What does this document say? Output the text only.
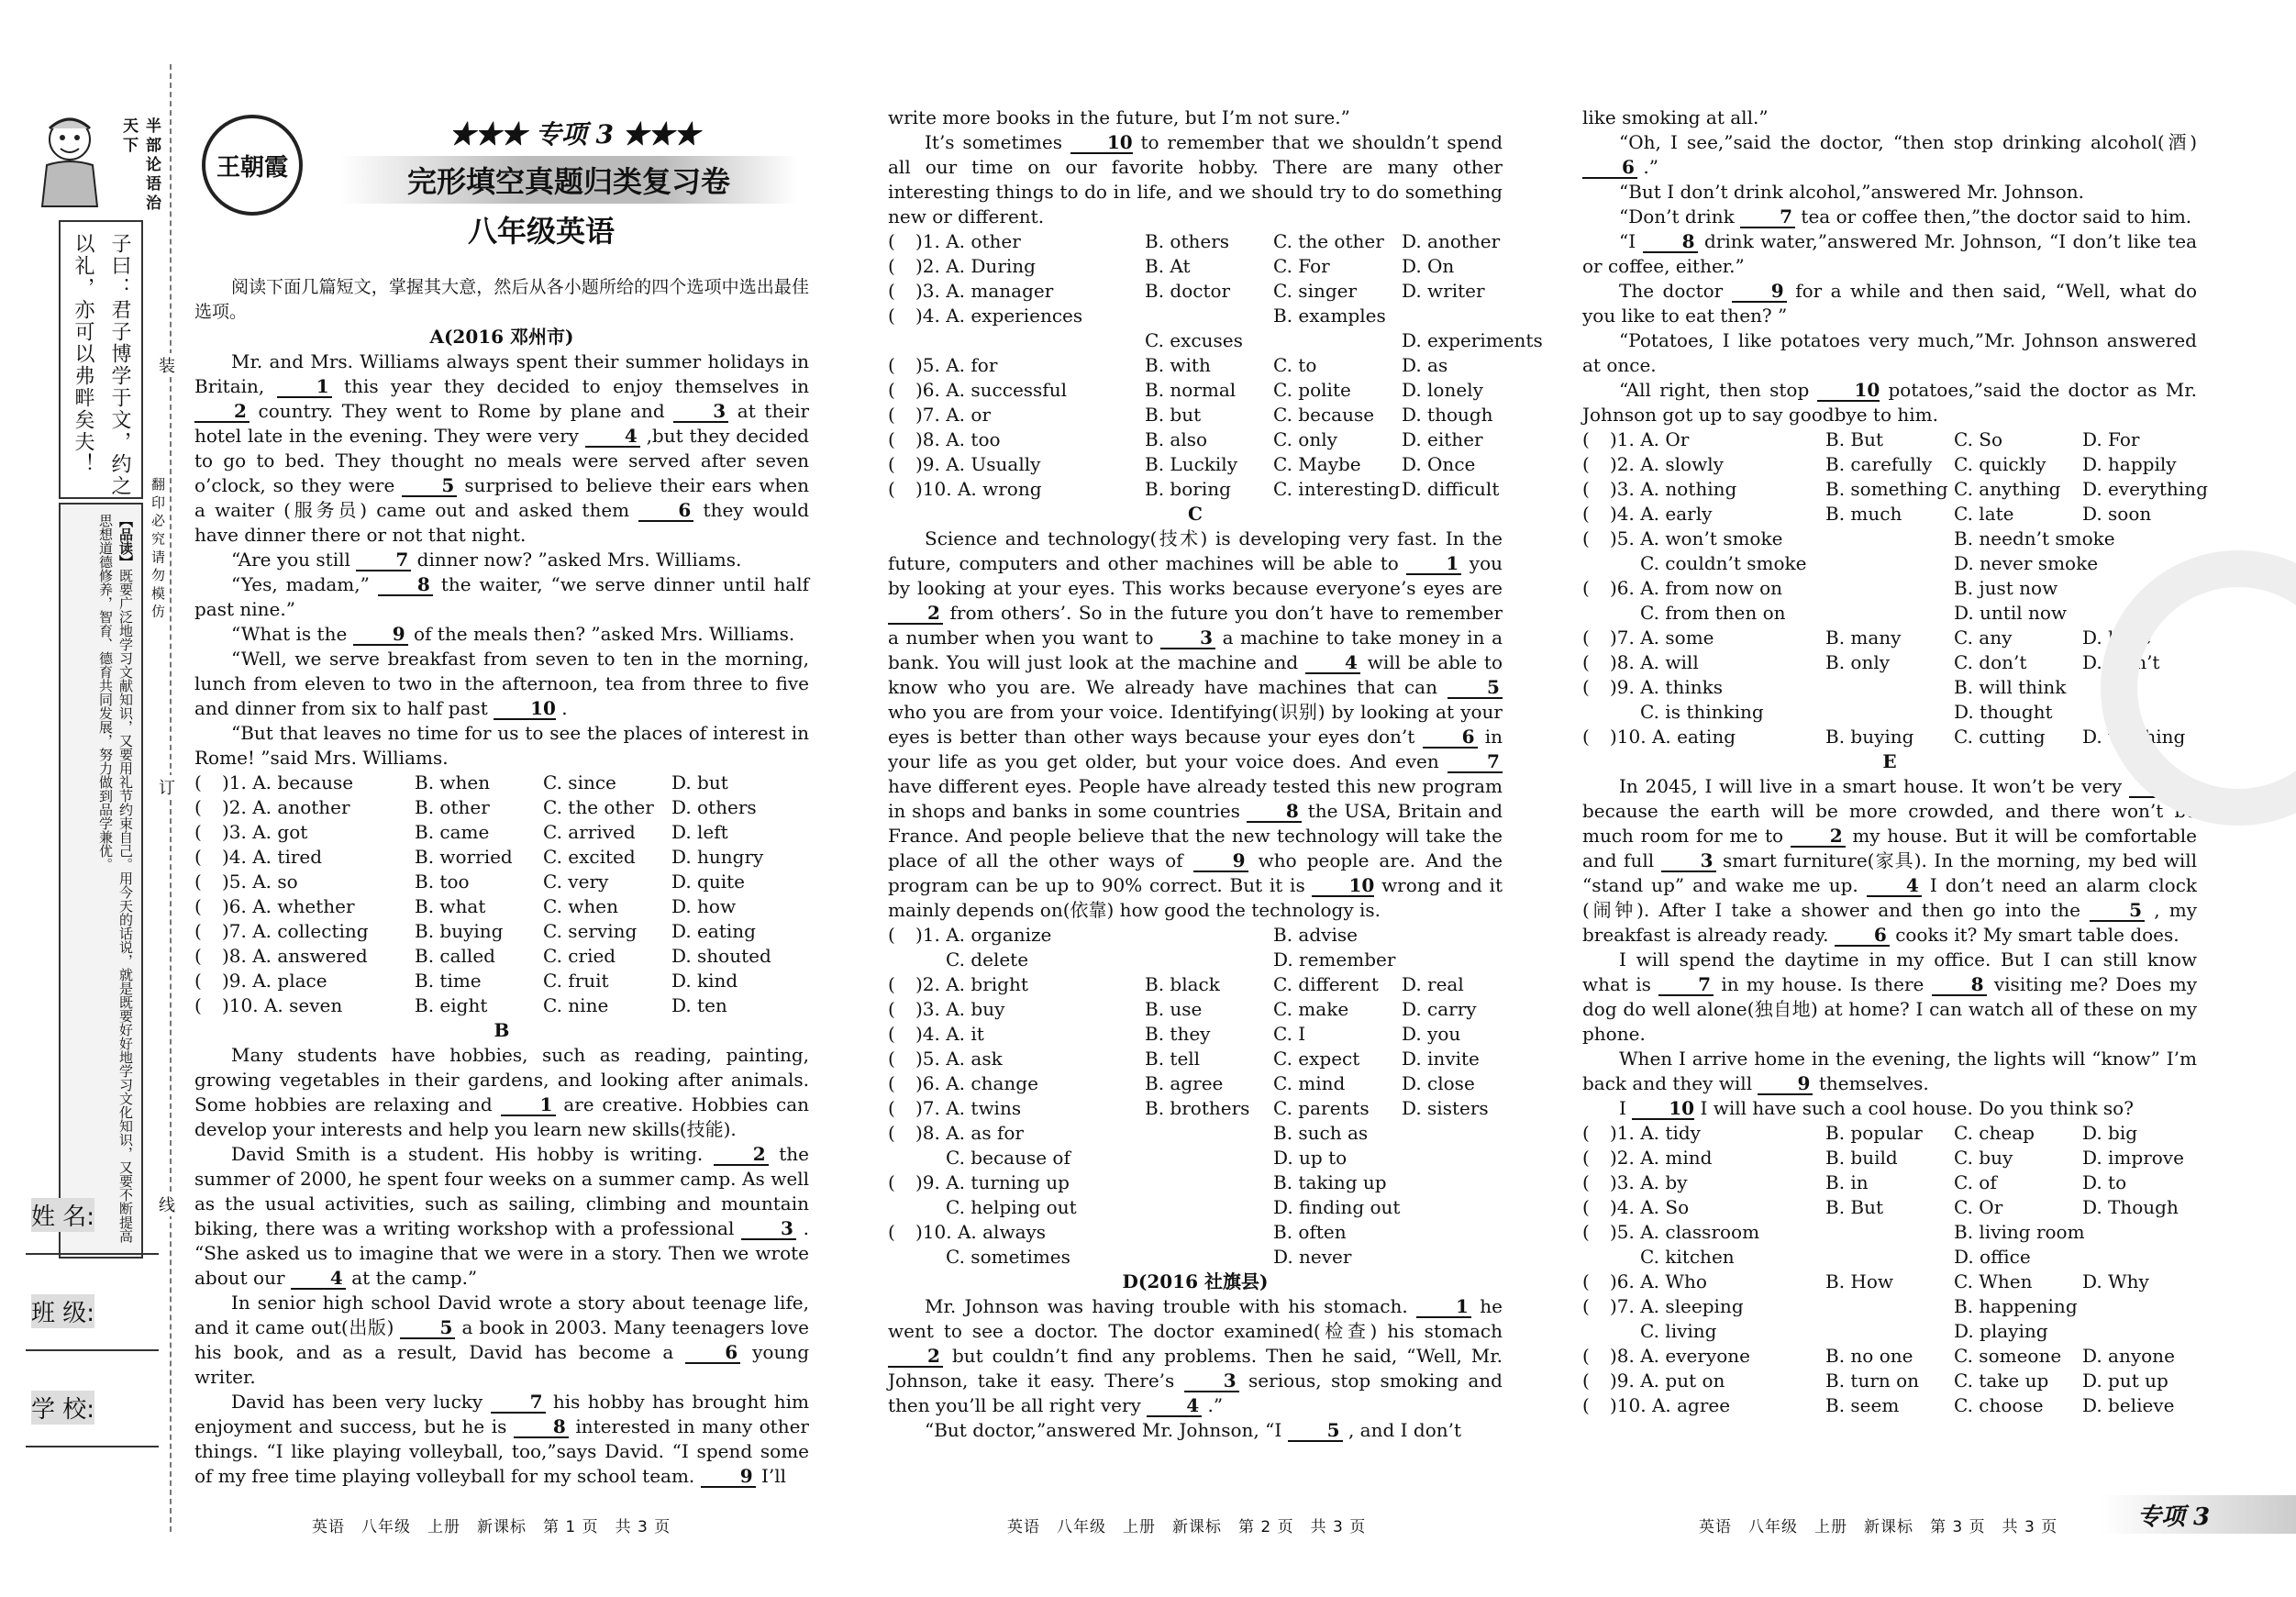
半部论语治天下
子曰：君子博学于文，约之
以礼，亦可以弗畔矣夫！
【品读】既要广泛地学习文献知识，又要用礼节约束自己。用今天的话说，就是既要好好地学习文化知识，又要不断提高思想道德修养，智育、德育共同发展，努力做到品学兼优。
姓 名:
班 级:
学 校:
装
订
线
翻 印 必 究 请 勿 模 仿
王朝霞
★★★ 专项 3 ★★★
完形填空真题归类复习卷
八年级英语

阅读下面几篇短文，掌握其大意，然后从各小题所给的四个选项中选出最佳选项。

A(2016 邓州市)

Mr. and Mrs. Williams always spent their summer holidays in Britain,	1 this year they decided to enjoy themselves in 2 country. They went to Rome by plane and	3 at their hotel late in the evening. They were very 4 ,but they decided to go to bed. They thought no meals were served after seven o’clock, so they were	5 surprised to believe their ears when a waiter (服务员) came out and asked them	6 they would have dinner there or not that night.

“Are you still 7 dinner now? ”asked Mrs. Williams.

“Yes, madam,”	8 the waiter, “we serve dinner until half past nine.”

“What is the 9 of the meals then? ”asked Mrs. Williams.

“Well, we serve breakfast from seven to ten in the morning, lunch from eleven to two in the afternoon, tea from three to five and dinner from six to half past 10 .

“But that leaves no time for us to see the places of interest in Rome! ”said Mrs. Williams.

(	)1. A. because	B. when	C. since	D. but
(	)2. A. another	B. other	C. the other D. others
(	)3. A. got	B. came	C. arrived	D. left
(	)4. A. tired	B. worried	C. excited	D. hungry
(	)5. A. so	B. too	C. very	D. quite
(	)6. A. whether	B. what	C. when	D. how
(	)7. A. collecting	B. buying	C. serving	D. eating
(	)8. A. answered	B. called	C. cried	D. shouted
(	)9. A. place	B. time	C. fruit	D. kind
(	)10. A. seven	B. eight	C. nine	D. ten
B

Many students have hobbies, such as reading, painting, growing vegetables in their gardens, and looking after animals. Some hobbies are relaxing and	1 are creative. Hobbies can develop your interests and help you learn new skills(技能).

David Smith is a student. His hobby is writing.	2 the summer of 2000, he spent four weeks on a summer camp. As well as the usual activities, such as sailing, climbing and mountain biking, there was a writing workshop with a professional	3 . “She asked us to imagine that we were in a story. Then we wrote about our 4 at the camp.”

In senior high school David wrote a story about teenage life, and it came out(出版)	5 a book in 2003. Many teenagers love his book, and as a result, David has become a	6 young writer.

David has been very lucky	7 his hobby has brought him enjoyment and success, but he is	8 interested in many other things. “I like playing volleyball, too,”says David. “I spend some of my free time playing volleyball for my school team. 9 I’ll

write more books in the future, but I’m not sure.”

It’s sometimes 10 to remember that we shouldn’t spend all our time on our favorite hobby. There are many other interesting things to do in life, and we should try to do something new or different.

(	)1. A. other	B. others	C. the other D. another
(	)2. A. During	B. At	C. For	D. On
(	)3. A. manager	B. doctor	C. singer	D. writer
(	)4. A. experiences	B. examples
C. excuses	D. experiments
(	)5. A. for	B. with	C. to	D. as
(	)6. A. successful	B. normal	C. polite	D. lonely
(	)7. A. or	B. but	C. because	D. though
(	)8. A. too	B. also	C. only	D. either
(	)9. A. Usually	B. Luckily	C. Maybe	D. Once
(	)10. A. wrong	B. boring	C. interesting D. difficult
C

Science and technology(技术) is developing very fast. In the future, computers and other machines will be able to	1 you by looking at your eyes. This works because everyone’s eyes are 2 from others’. So in the future you don’t have to remember a number when you want to	3 a machine to take money in a bank. You will just look at the machine and	4 will be able to know who you are. We already have machines that can	5 who you are from your voice. Identifying(识别) by looking at your eyes is better than other ways because your eyes don’t	6 in your life as you get older, but your voice does. And even	7 have different eyes. People have already tested this new program in shops and banks in some countries 8 the USA, Britain and France. And people believe that the new technology will take the place of all the other ways of	9 who people are. And the program can be up to 90% correct. But it is 10 wrong and it mainly depends on(依靠) how good the technology is.

(	)1. A. organize	B. advise
C. delete	D. remember
(	)2. A. bright	B. black	C. different	D. real
(	)3. A. buy	B. use	C. make	D. carry
(	)4. A. it	B. they	C. I	D. you
(	)5. A. ask	B. tell	C. expect	D. invite
(	)6. A. change	B. agree	C. mind	D. close
(	)7. A. twins	B. brothers	C. parents	D. sisters
(	)8. A. as for	B. such as
C. because of	D. up to
(	)9. A. turning up	B. taking up
C. helping out	D. finding out
(	)10. A. always	B. often
C. sometimes	D. never
D(2016 社旗县)

Mr. Johnson was having trouble with his stomach.	1 he went to see a doctor. The doctor examined(检查) his stomach 2 but couldn’t find any problems. Then he said, “Well, Mr. Johnson, take it easy. There’s	3 serious, stop smoking and then you’ll be all right very 4 .”

“But doctor,”answered Mr. Johnson, “I 5 , and I don’t

like smoking at all.”

“Oh, I see,”said the doctor, “then stop drinking alcohol(酒) 6 .”

“But I don’t drink alcohol,”answered Mr. Johnson.

“Don’t drink 7 tea or coffee then,”the doctor said to him.

“I	8 drink water,”answered Mr. Johnson, “I don’t like tea or coffee, either.”

The doctor	9 for a while and then said, “Well, what do you like to eat then? ”

“Potatoes, I like potatoes very much,”Mr. Johnson answered at once.

“All right, then stop 10 potatoes,”said the doctor as Mr. Johnson got up to say goodbye to him.

(	)1. A. Or	B. But	C. So	D. For
(	)2. A. slowly	B. carefully	C. quickly	D. happily
(	)3. A. nothing	B. something C. anything	D. everything
(	)4. A. early	B. much	C. late	D. soon
(	)5. A. won’t smoke	B. needn’t smoke
C. couldn’t smoke	D. never smoke
(	)6. A. from now on	B. just now
C. from then on	D. until now
(	)7. A. some	B. many	C. any	D. little
(	)8. A. will	B. only	C. don’t	D. won’t
(	)9. A. thinks	B. will think
C. is thinking	D. thought
(	)10. A. eating	B. buying	C. cutting	D. washing
E

In 2045, I will live in a smart house. It won’t be very	1 , because the earth will be more crowded, and there won’t be much room for me to	2 my house. But it will be comfortable and full	3 smart furniture(家具). In the morning, my bed will “stand up” and wake me up.	4 I don’t need an alarm clock (闹钟). After I take a shower and then go into the	5 , my breakfast is already ready. 6 cooks it? My smart table does.

I will spend the daytime in my office. But I can still know what is	7 in my house. Is there	8 visiting me? Does my dog do well alone(独自地) at home? I can watch all of these on my phone.

When I arrive home in the evening, the lights will “know” I’m back and they will 9 themselves.

I 10 I will have such a cool house. Do you think so?

(	)1. A. tidy	B. popular	C. cheap	D. big
(	)2. A. mind	B. build	C. buy	D. improve
(	)3. A. by	B. in	C. of	D. to
(	)4. A. So	B. But	C. Or	D. Though
(	)5. A. classroom	B. living room
C. kitchen	D. office
(	)6. A. Who	B. How	C. When	D. Why
(	)7. A. sleeping	B. happening
C. living	D. playing
(	)8. A. everyone	B. no one	C. someone	D. anyone
(	)9. A. put on	B. turn on	C. take up	D. put up
(	)10. A. agree	B. seem	C. choose	D. believe
英语　八年级　上册　新课标　第 1 页　共 3 页	英语　八年级　上册　新课标　第 2 页　共 3 页	英语　八年级　上册　新课标　第 3 页　共 3 页	专项 3
